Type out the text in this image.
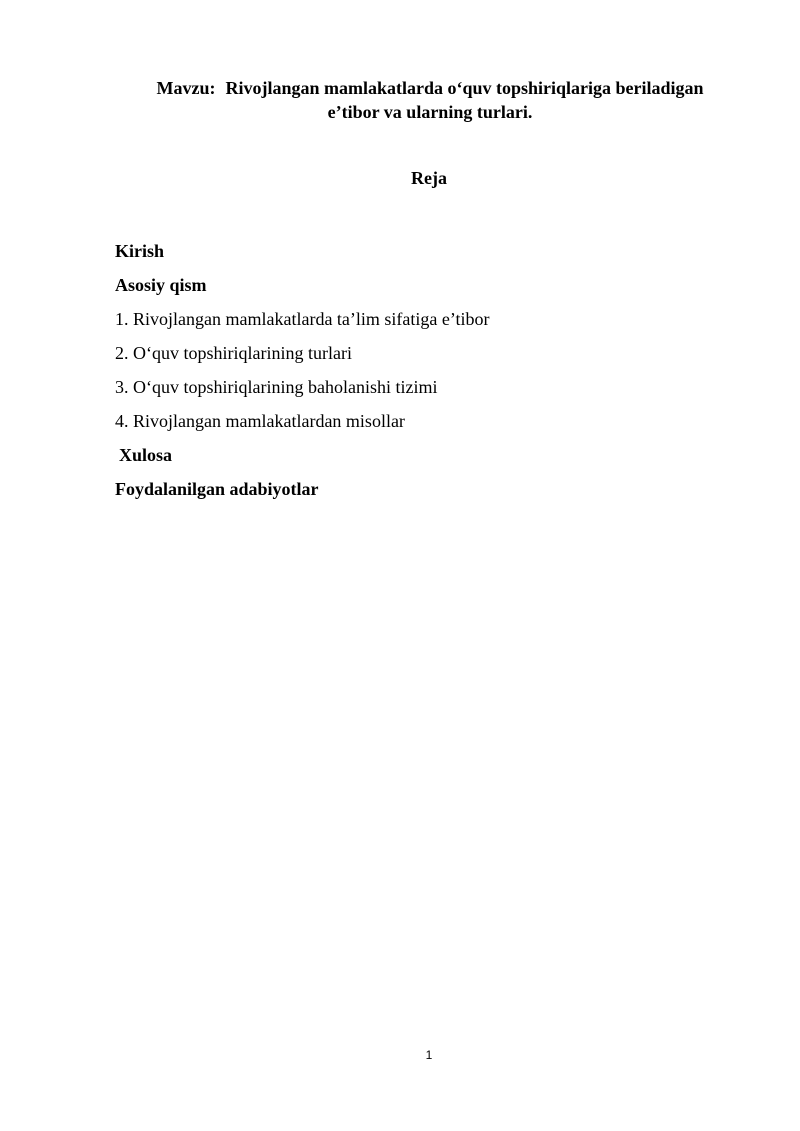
Mavzu: Rivojlangan mamlakatlarda o‘quv topshiriqlariga beriladigan
e’tibor va ularning turlari.
Reja
Kirish
Asosiy qism
1. Rivojlangan mamlakatlarda ta’lim sifatiga e’tibor
2. O‘quv topshiriqlarining turlari
3. O‘quv topshiriqlarining baholanishi tizimi
4. Rivojlangan mamlakatlardan misollar
Xulosa
Foydalanilgan adabiyotlar
1
